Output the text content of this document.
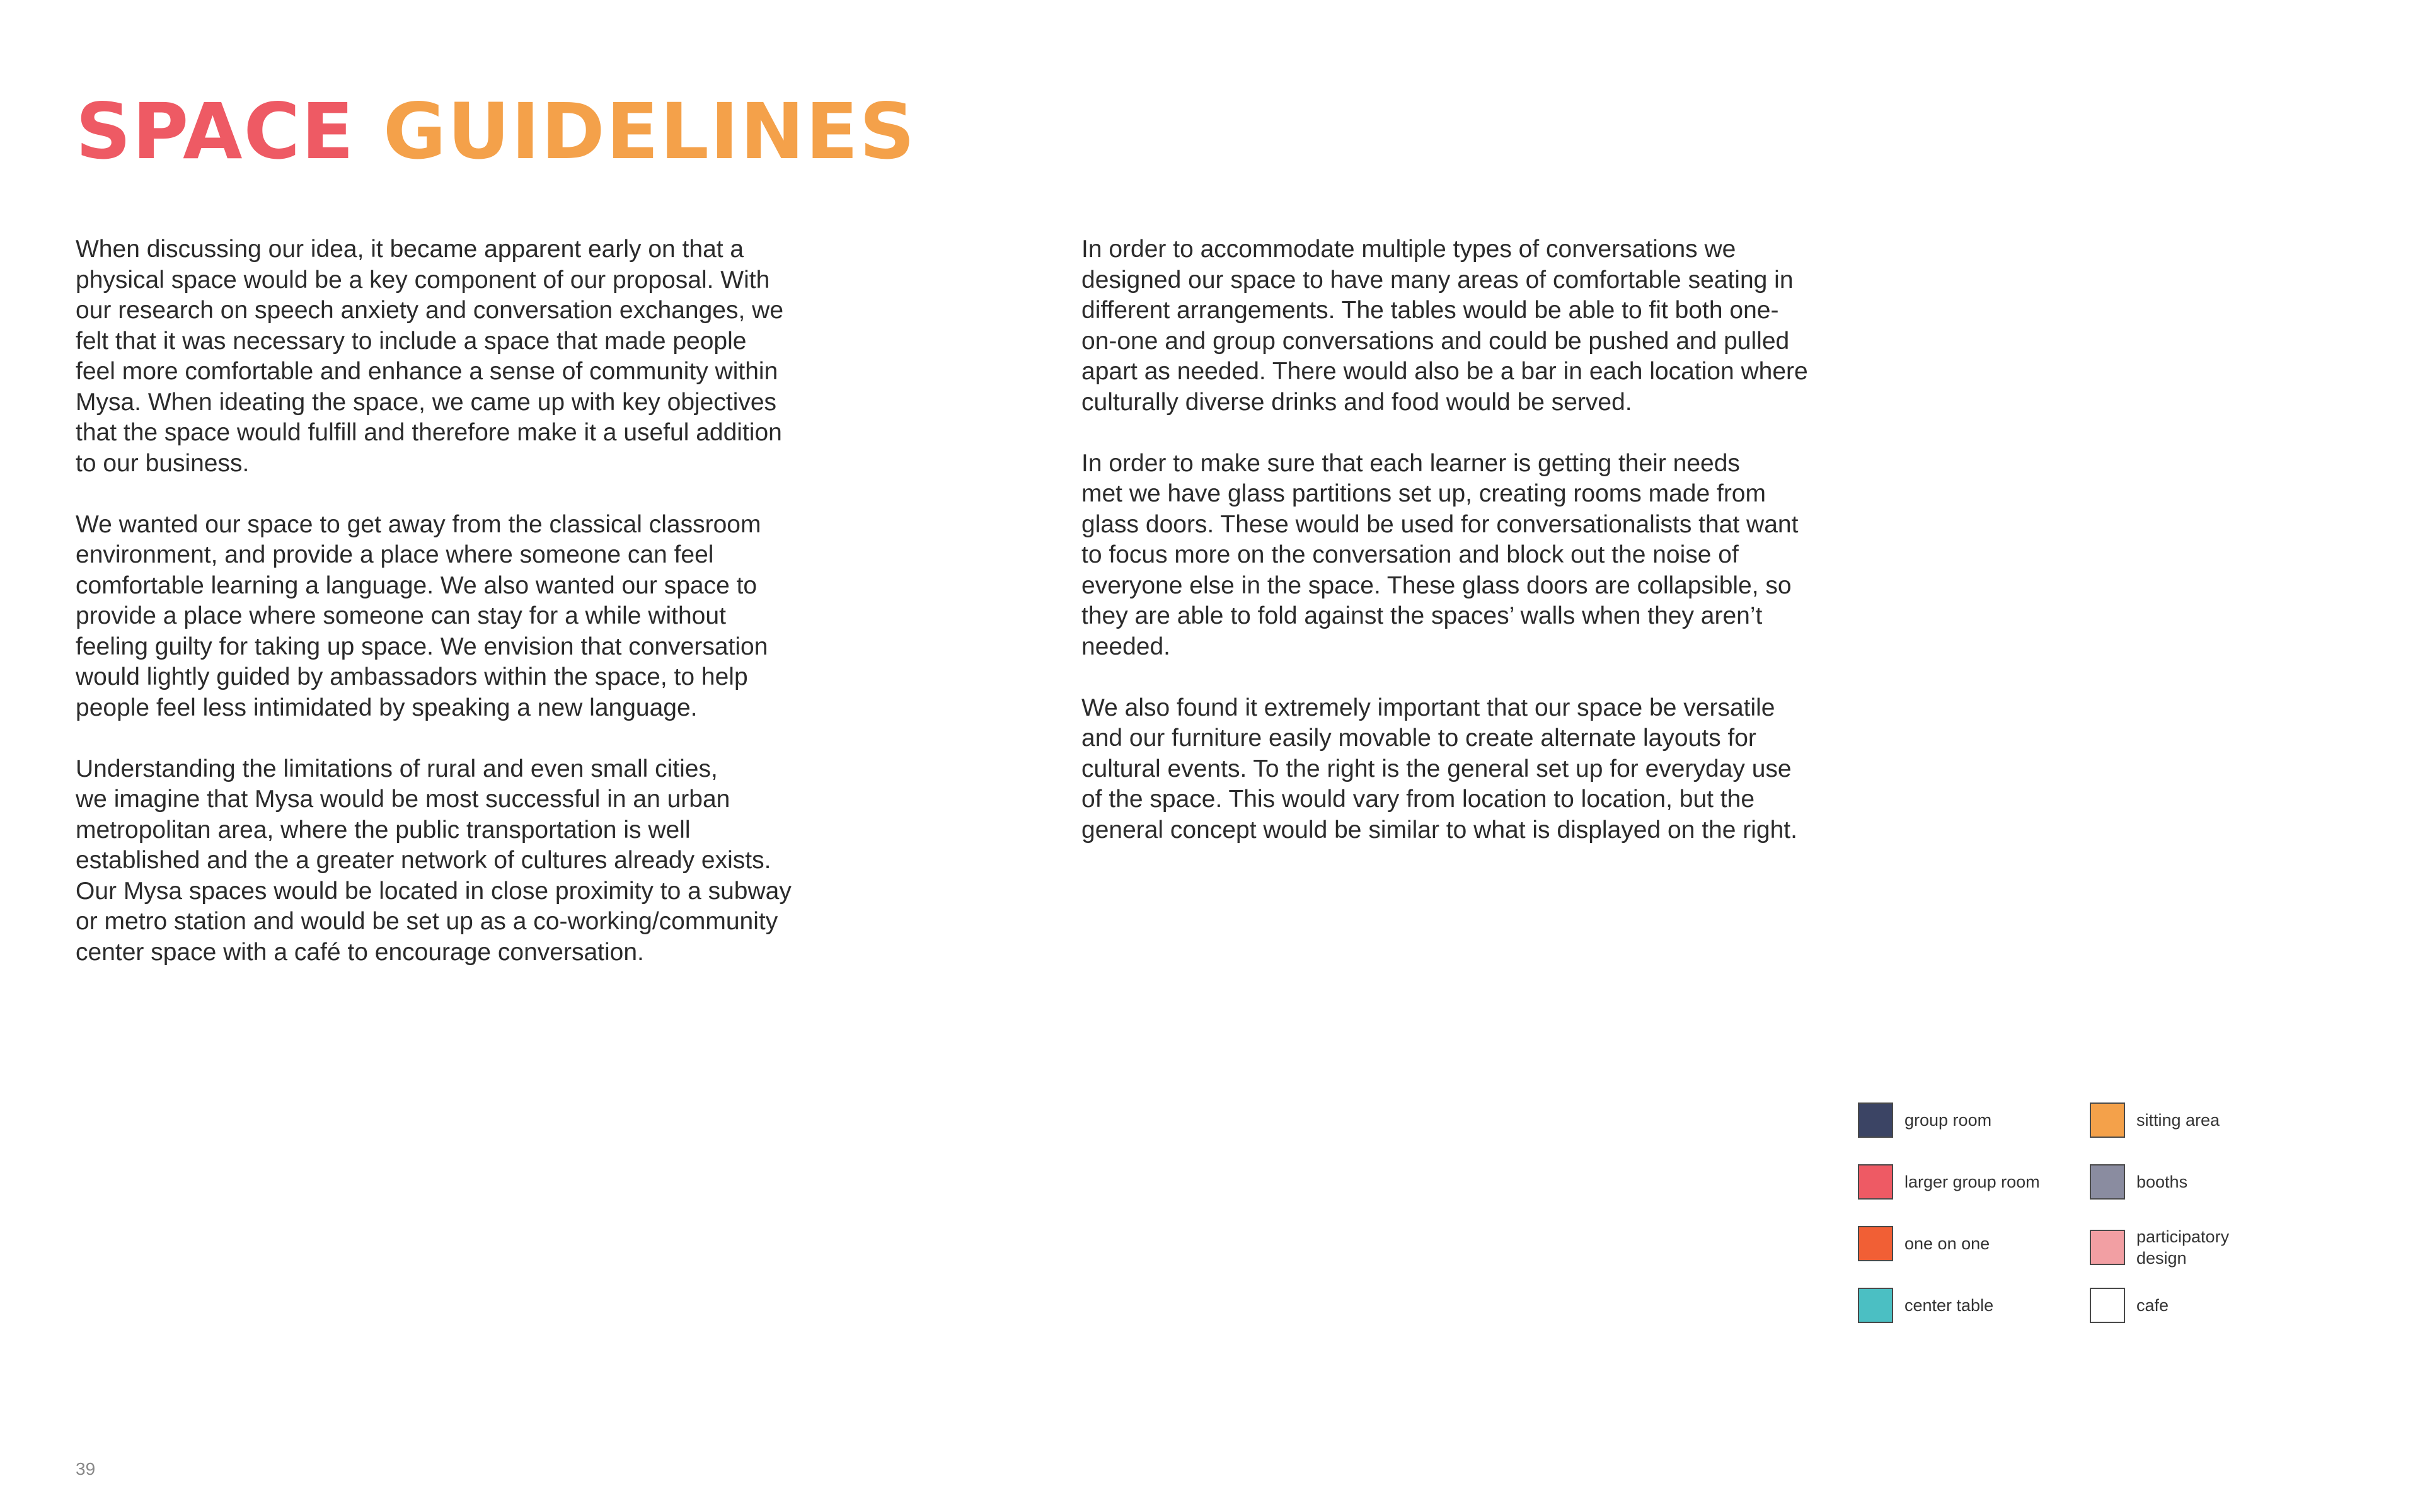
SPACE GUIDELINES

When discussing our idea, it became apparent early on that a
physical space would be a key component of our proposal. With
our research on speech anxiety and conversation exchanges, we
felt that it was necessary to include a space that made people
feel more comfortable and enhance a sense of community within
Mysa. When ideating the space, we came up with key objectives
that the space would fulfill and therefore make it a useful addition
to our business.

We wanted our space to get away from the classical classroom
environment, and provide a place where someone can feel
comfortable learning a language. We also wanted our space to
provide a place where someone can stay for a while without
feeling guilty for taking up space. We envision that conversation
would lightly guided by ambassadors within the space, to help
people feel less intimidated by speaking a new language.

Understanding the limitations of rural and even small cities,
we imagine that Mysa would be most successful in an urban
metropolitan area, where the public transportation is well
established and the a greater network of cultures already exists.
Our Mysa spaces would be located in close proximity to a subway
or metro station and would be set up as a co-working/community
center space with a café to encourage conversation.

In order to accommodate multiple types of conversations we
designed our space to have many areas of comfortable seating in
different arrangements. The tables would be able to fit both one-
on-one and group conversations and could be pushed and pulled
apart as needed. There would also be a bar in each location where
culturally diverse drinks and food would be served.

In order to make sure that each learner is getting their needs
met we have glass partitions set up, creating rooms made from
glass doors. These would be used for conversationalists that want
to focus more on the conversation and block out the noise of
everyone else in the space. These glass doors are collapsible, so
they are able to fold against the spaces’ walls when they aren’t
needed.

We also found it extremely important that our space be versatile
and our furniture easily movable to create alternate layouts for
cultural events. To the right is the general set up for everyday use
of the space. This would vary from location to location, but the
general concept would be similar to what is displayed on the right.

group room
larger group room
one on one
center table
sitting area
booths
participatory
design
cafe
39
